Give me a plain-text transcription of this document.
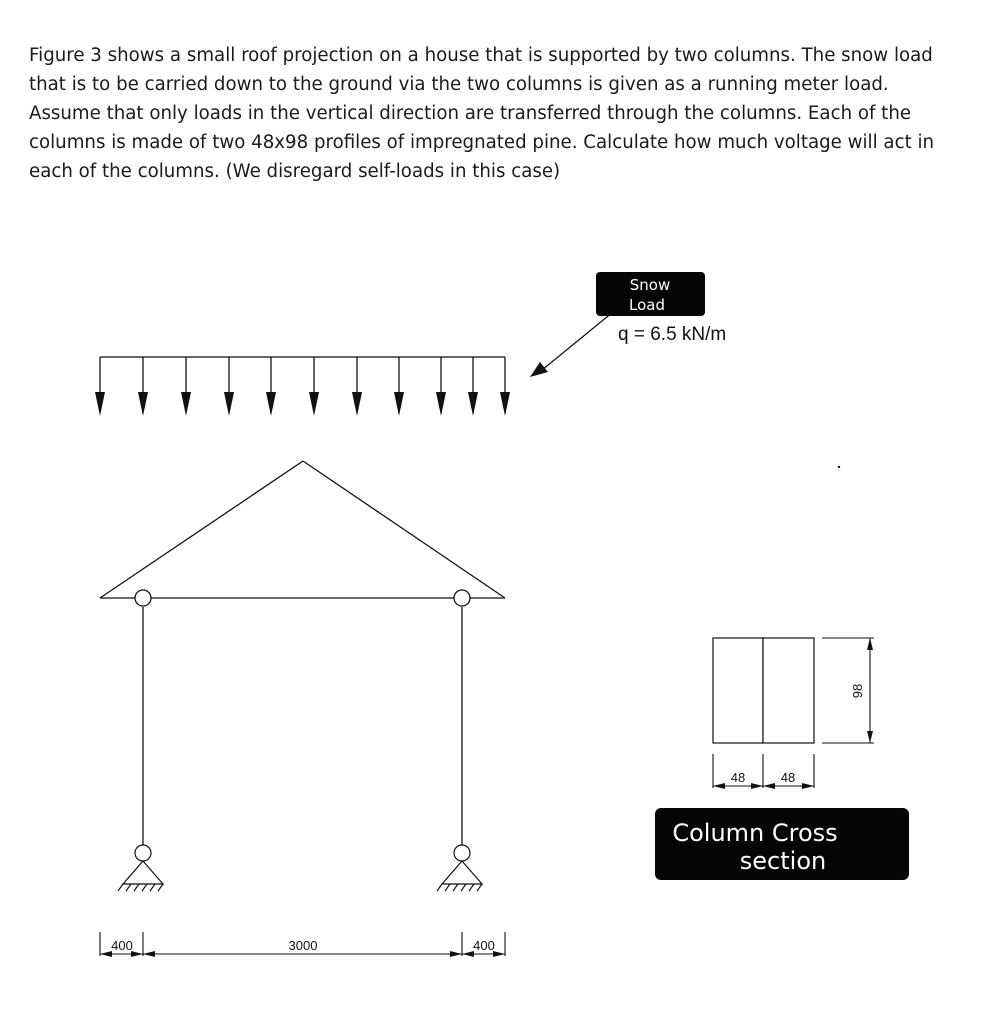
Figure 3 shows a small roof projection on a house that is supported by two columns. The snow load that is to be carried down to the ground via the two columns is given as a running meter load. Assume that only loads in the vertical direction are transferred through the columns. Each of the columns is made of two 48x98 profiles of impregnated pine. Calculate how much voltage will act in each of the columns. (We disregard self-loads in this case)

Snow
Load
q = 6.5 kN/m
400	3000	400
98
48	48
Column Cross
section
